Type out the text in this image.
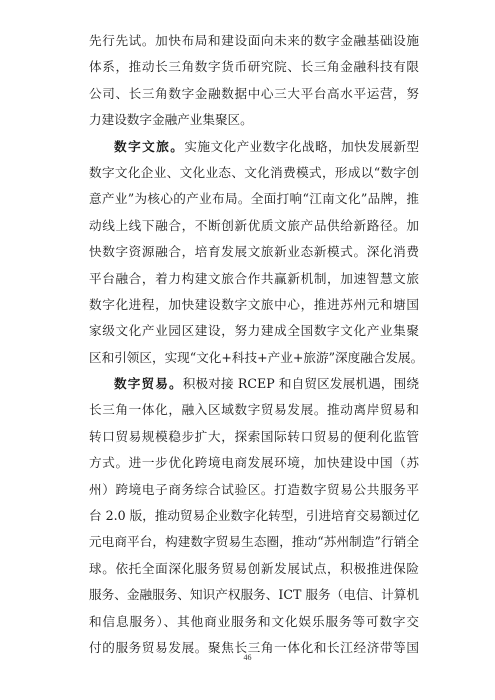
先行先试。加快布局和建设面向未来的数字金融基础设施
体系，推动长三角数字货币研究院、长三角金融科技有限
公司、长三角数字金融数据中心三大平台高水平运营，努
力建设数字金融产业集聚区。
数字文旅。实施文化产业数字化战略，加快发展新型
数字文化企业、文化业态、文化消费模式，形成以“数字创
意产业”为核心的产业布局。全面打响“江南文化”品牌，推
动线上线下融合，不断创新优质文旅产品供给新路径。加
快数字资源融合，培育发展文旅新业态新模式。深化消费
平台融合，着力构建文旅合作共赢新机制，加速智慧文旅
数字化进程，加快建设数字文旅中心，推进苏州元和塘国
家级文化产业园区建设，努力建成全国数字文化产业集聚
区和引领区，实现“文化+科技+产业+旅游”深度融合发展。
数字贸易。积极对接 RCEP 和自贸区发展机遇，围绕
长三角一体化，融入区域数字贸易发展。推动离岸贸易和
转口贸易规模稳步扩大，探索国际转口贸易的便利化监管
方式。进一步优化跨境电商发展环境，加快建设中国（苏
州）跨境电子商务综合试验区。打造数字贸易公共服务平
台 2.0 版，推动贸易企业数字化转型，引进培育交易额过亿
元电商平台，构建数字贸易生态圈，推动“苏州制造”行销全
球。依托全面深化服务贸易创新发展试点，积极推进保险
服务、金融服务、知识产权服务、ICT 服务（电信、计算机
和信息服务）、其他商业服务和文化娱乐服务等可数字交
付的服务贸易发展。聚焦长三角一体化和长江经济带等国
46
